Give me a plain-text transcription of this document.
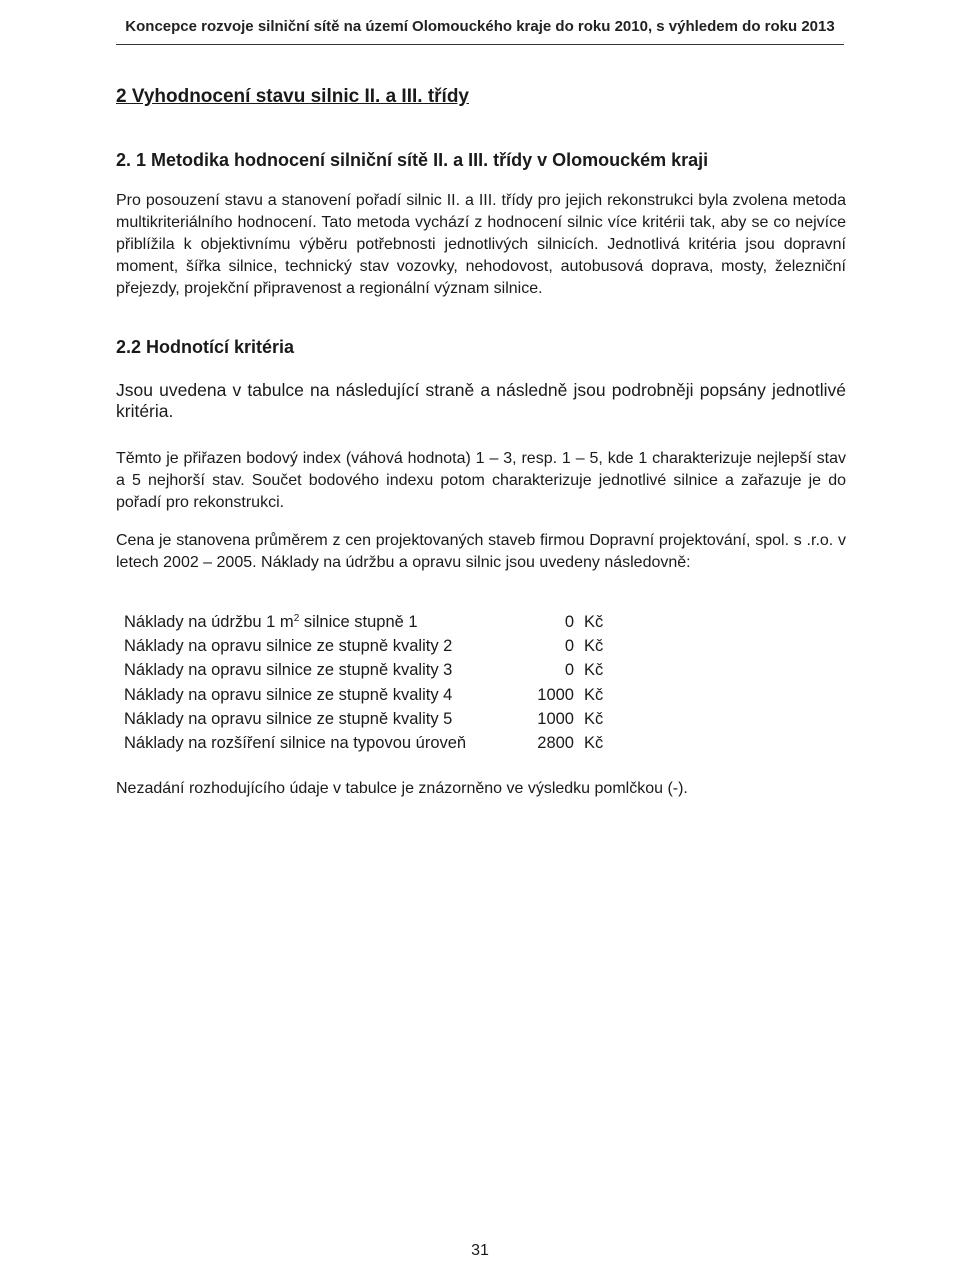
Koncepce rozvoje silniční sítě na území Olomouckého kraje do roku 2010, s výhledem do roku 2013
2 Vyhodnocení stavu silnic II. a III. třídy
2. 1 Metodika hodnocení silniční sítě II. a III. třídy v Olomouckém kraji
Pro posouzení stavu a stanovení pořadí silnic II. a III. třídy pro jejich rekonstrukci byla zvolena metoda multikriteriálního hodnocení. Tato metoda vychází z hodnocení silnic více kritérii tak, aby se co nejvíce přiblížila k objektivnímu výběru potřebnosti jednotlivých silnicích. Jednotlivá kritéria jsou dopravní moment, šířka silnice, technický stav vozovky, nehodovost, autobusová doprava, mosty, železniční přejezdy, projekční připravenost a regionální význam silnice.
2.2 Hodnotící kritéria
Jsou uvedena v tabulce na následující straně a následně jsou podrobněji popsány jednotlivé kritéria.
Těmto je přiřazen bodový index (váhová hodnota) 1 – 3, resp. 1 – 5, kde 1 charakterizuje nejlepší stav a 5 nejhorší stav. Součet bodového indexu potom charakterizuje jednotlivé silnice a zařazuje je do pořadí pro rekonstrukci.
Cena je stanovena průměrem z cen projektovaných staveb firmou Dopravní projektování, spol. s .r.o. v letech 2002 – 2005. Náklady na údržbu a opravu silnic jsou uvedeny následovně:
Náklady na údržbu 1 $m^2$ silnice stupně 1	0	Kč
Náklady na opravu silnice ze stupně kvality 2	0	Kč
Náklady na opravu silnice ze stupně kvality 3	0	Kč
Náklady na opravu silnice ze stupně kvality 4	1000	Kč
Náklady na opravu silnice ze stupně kvality 5	1000	Kč
Náklady na rozšíření silnice na typovou úroveň	2800	Kč
Nezadání rozhodujícího údaje v tabulce je znázorněno ve výsledku pomlčkou (-).
31
